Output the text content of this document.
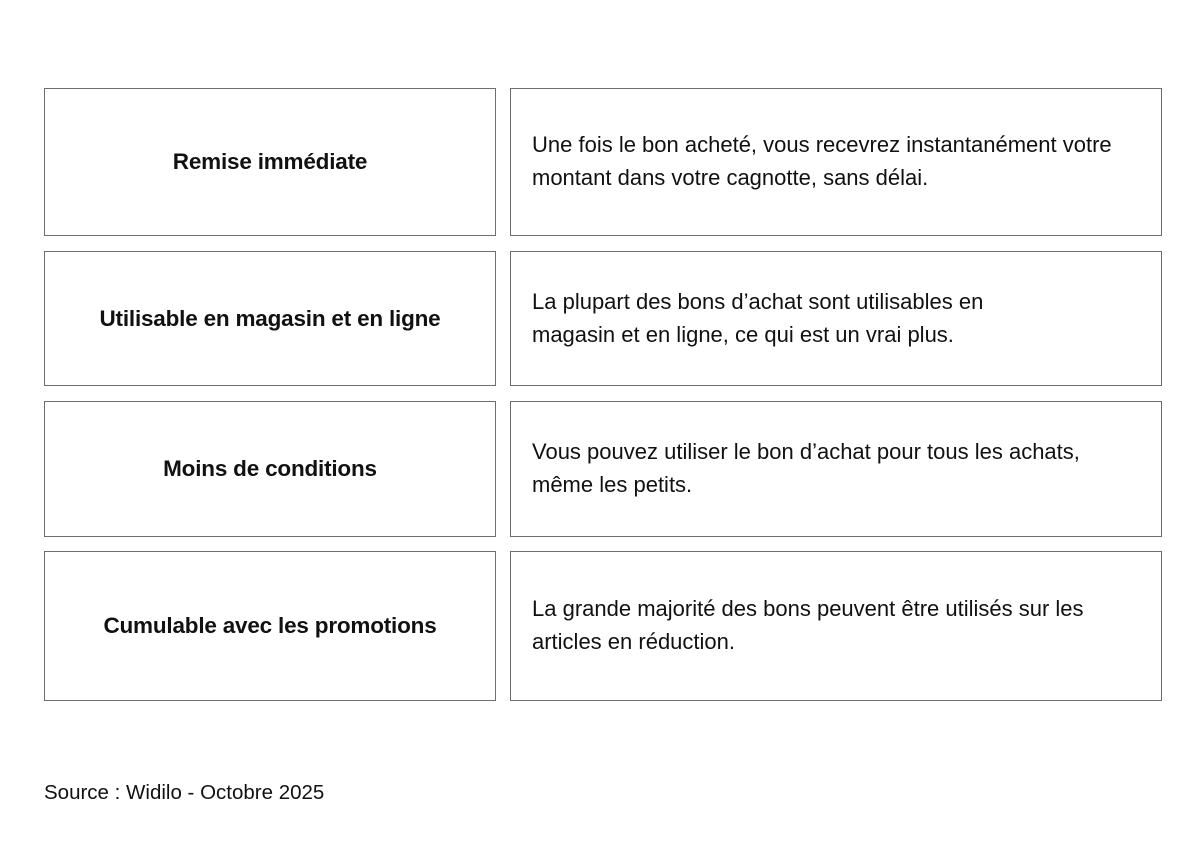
Remise immédiate
Une fois le bon acheté, vous recevrez instantanément votre montant dans votre cagnotte, sans délai.
Utilisable en magasin et en ligne
La plupart des bons d’achat sont utilisables en magasin et en ligne, ce qui est un vrai plus.
Moins de conditions
Vous pouvez utiliser le bon d’achat pour tous les achats, même les petits.
Cumulable avec les promotions
La grande majorité des bons peuvent être utilisés sur les articles en réduction.
Source : Widilo - Octobre 2025
